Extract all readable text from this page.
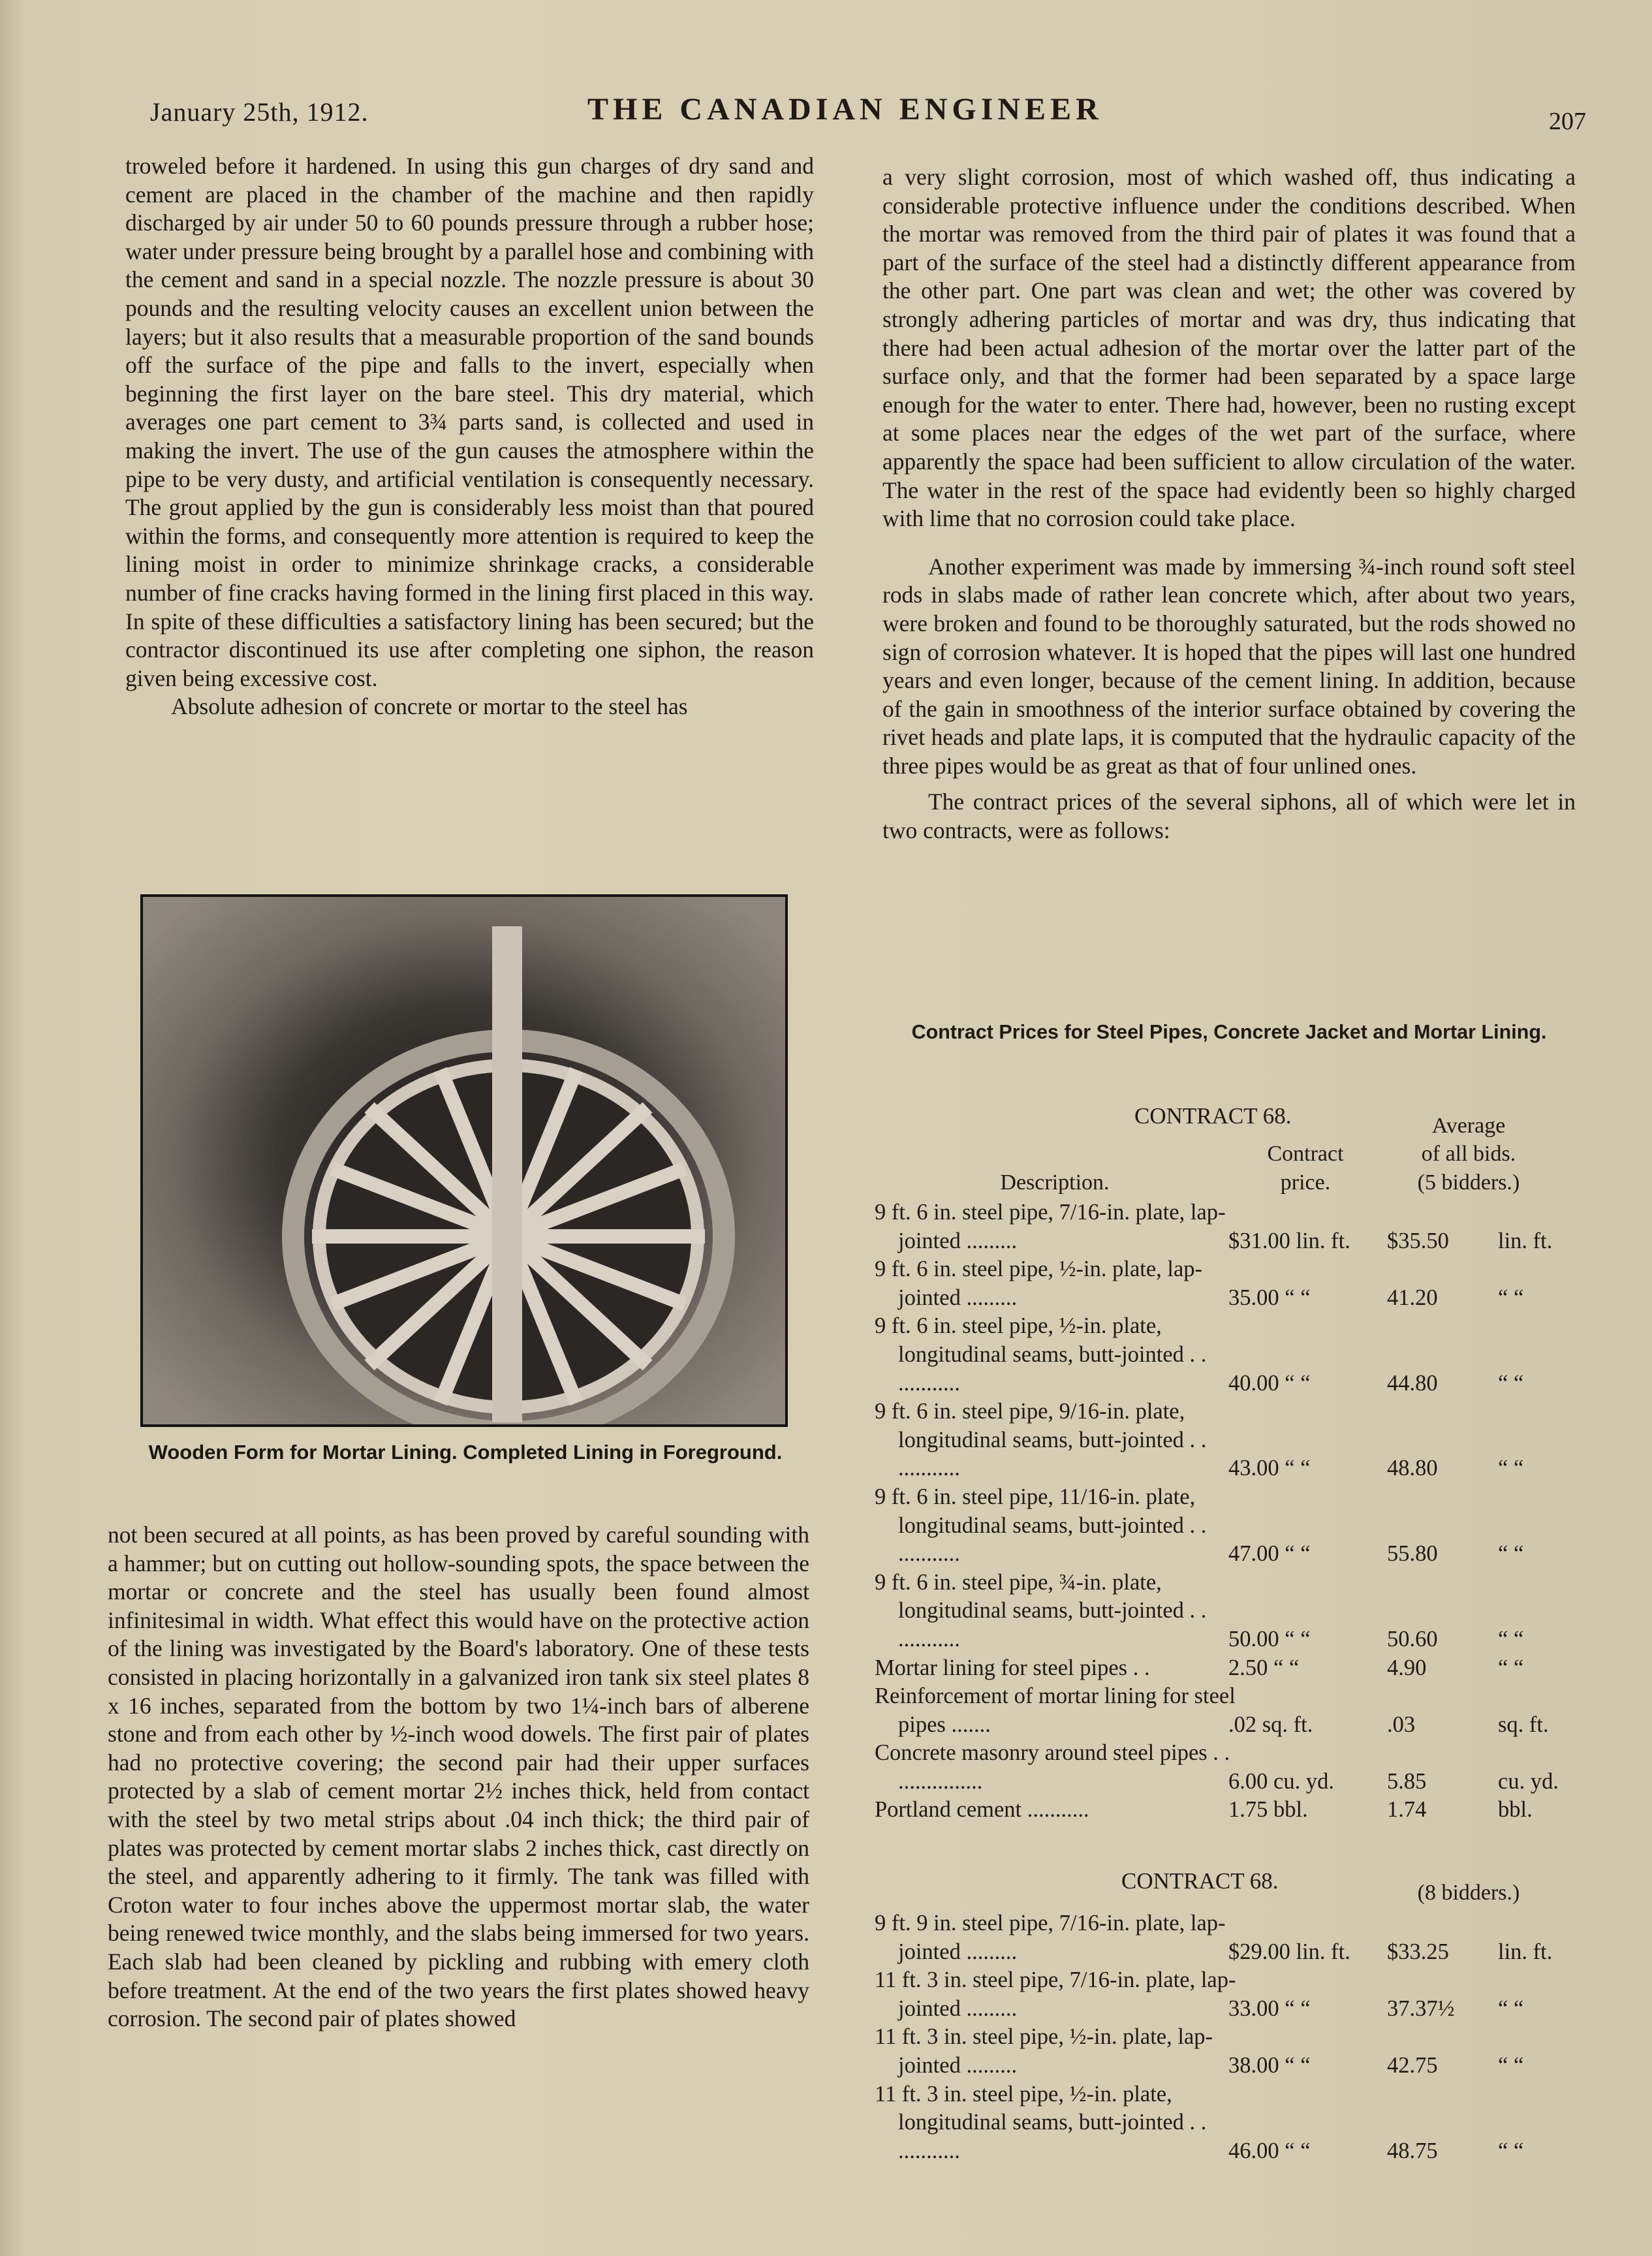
January 25th, 1912.	THE CANADIAN ENGINEER	207

troweled before it hardened. In using this gun charges of dry sand and cement are placed in the chamber of the machine and then rapidly discharged by air under 50 to 60 pounds pressure through a rubber hose; water under pressure being brought by a parallel hose and combining with the cement and sand in a special nozzle. The nozzle pressure is about 30 pounds and the resulting velocity causes an excellent union between the layers; but it also results that a measurable proportion of the sand bounds off the surface of the pipe and falls to the invert, especially when beginning the first layer on the bare steel. This dry material, which averages one part cement to 3¾ parts sand, is collected and used in making the invert. The use of the gun causes the atmosphere within the pipe to be very dusty, and artificial ventilation is consequently necessary. The grout applied by the gun is considerably less moist than that poured within the forms, and consequently more attention is required to keep the lining moist in order to minimize shrinkage cracks, a considerable number of fine cracks having formed in the lining first placed in this way. In spite of these difficulties a satisfactory lining has been secured; but the contractor discontinued its use after completing one siphon, the reason given being excessive cost.

Absolute adhesion of concrete or mortar to the steel has

Wooden Form for Mortar Lining. Completed Lining in Foreground.

not been secured at all points, as has been proved by careful sounding with a hammer; but on cutting out hollow-sounding spots, the space between the mortar or concrete and the steel has usually been found almost infinitesimal in width. What effect this would have on the protective action of the lining was investigated by the Board's laboratory. One of these tests consisted in placing horizontally in a galvanized iron tank six steel plates 8 x 16 inches, separated from the bottom by two 1¼-inch bars of alberene stone and from each other by ½-inch wood dowels. The first pair of plates had no protective covering; the second pair had their upper surfaces protected by a slab of cement mortar 2½ inches thick, held from contact with the steel by two metal strips about .04 inch thick; the third pair of plates was protected by cement mortar slabs 2 inches thick, cast directly on the steel, and apparently adhering to it firmly. The tank was filled with Croton water to four inches above the uppermost mortar slab, the water being renewed twice monthly, and the slabs being immersed for two years. Each slab had been cleaned by pickling and rubbing with emery cloth before treatment. At the end of the two years the first plates showed heavy corrosion. The second pair of plates showed

a very slight corrosion, most of which washed off, thus indicating a considerable protective influence under the conditions described. When the mortar was removed from the third pair of plates it was found that a part of the surface of the steel had a distinctly different appearance from the other part. One part was clean and wet; the other was covered by strongly adhering particles of mortar and was dry, thus indicating that there had been actual adhesion of the mortar over the latter part of the surface only, and that the former had been separated by a space large enough for the water to enter. There had, however, been no rusting except at some places near the edges of the wet part of the surface, where apparently the space had been sufficient to allow circulation of the water. The water in the rest of the space had evidently been so highly charged with lime that no corrosion could take place.

Another experiment was made by immersing ¾-inch round soft steel rods in slabs made of rather lean concrete which, after about two years, were broken and found to be thoroughly saturated, but the rods showed no sign of corrosion whatever. It is hoped that the pipes will last one hundred years and even longer, because of the cement lining. In addition, because of the gain in smoothness of the interior surface obtained by covering the rivet heads and plate laps, it is computed that the hydraulic capacity of the three pipes would be as great as that of four unlined ones.

The contract prices of the several siphons, all of which were let in two contracts, were as follows:

Contract Prices for Steel Pipes, Concrete Jacket and Mortar Lining.
CONTRACT 68.	Average
Contract	of all bids.
Description.	price.	(5 bidders.)
9 ft. 6 in. steel pipe, 7/16-in. plate, lap-jointed .........	$31.00 lin. ft.	$35.50	lin. ft.
9 ft. 6 in. steel pipe, ½-in. plate, lap-jointed .........	35.00 “ “	41.20	“ “
9 ft. 6 in. steel pipe, ½-in. plate, longitudinal seams, butt-jointed . . ...........	40.00 “ “	44.80	“ “
9 ft. 6 in. steel pipe, 9/16-in. plate, longitudinal seams, butt-jointed . . ...........	43.00 “ “	48.80	“ “
9 ft. 6 in. steel pipe, 11/16-in. plate, longitudinal seams, butt-jointed . . ...........	47.00 “ “	55.80	“ “
9 ft. 6 in. steel pipe, ¾-in. plate, longitudinal seams, butt-jointed . . ...........	50.00 “ “	50.60	“ “
Mortar lining for steel pipes . .	2.50 “ “	4.90	“ “
Reinforcement of mortar lining for steel pipes .......	.02 sq. ft.	.03	sq. ft.
Concrete masonry around steel pipes . . ...............	6.00 cu. yd.	5.85	cu. yd.
Portland cement ...........	1.75 bbl.	1.74	bbl.
CONTRACT 68.	(8 bidders.)
9 ft. 9 in. steel pipe, 7/16-in. plate, lap-jointed .........	$29.00 lin. ft.	$33.25	lin. ft.
11 ft. 3 in. steel pipe, 7/16-in. plate, lap-jointed .........	33.00 “ “	37.37½	“ “
11 ft. 3 in. steel pipe, ½-in. plate, lap-jointed .........	38.00 “ “	42.75	“ “
11 ft. 3 in. steel pipe, ½-in. plate, longitudinal seams, butt-jointed . . ...........	46.00 “ “	48.75	“ “
